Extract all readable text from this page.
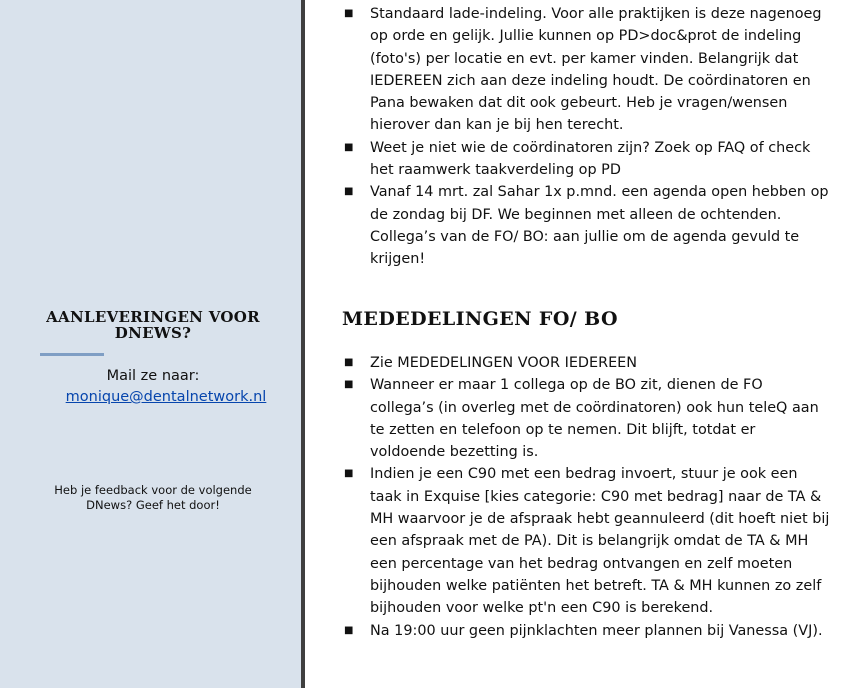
AANLEVERINGEN VOOR DNEWS?
Mail ze naar:
monique@dentalnetwork.nl
Heb je feedback voor de volgende DNews? Geef het door!
■ Standaard lade-indeling. Voor alle praktijken is deze nagenoeg op orde en gelijk. Jullie kunnen op PD>doc&prot de indeling (foto's) per locatie en evt. per kamer vinden. Belangrijk dat IEDEREEN zich aan deze indeling houdt. De coördinatoren en Pana bewaken dat dit ook gebeurt. Heb je vragen/wensen hierover dan kan je bij hen terecht.
■ Weet je niet wie de coördinatoren zijn? Zoek op FAQ of check het raamwerk taakverdeling op PD
■ Vanaf 14 mrt. zal Sahar 1x p.mnd. een agenda open hebben op de zondag bij DF. We beginnen met alleen de ochtenden. Collega’s van de FO/ BO: aan jullie om de agenda gevuld te krijgen!
MEDEDELINGEN FO/ BO
■ Zie MEDEDELINGEN VOOR IEDEREEN
■ Wanneer er maar 1 collega op de BO zit, dienen de FO collega’s (in overleg met de coördinatoren) ook hun teleQ aan te zetten en telefoon op te nemen. Dit blijft, totdat er voldoende bezetting is.
■ Indien je een C90 met een bedrag invoert, stuur je ook een taak in Exquise [kies categorie: C90 met bedrag] naar de TA & MH waarvoor je de afspraak hebt geannuleerd (dit hoeft niet bij een afspraak met de PA). Dit is belangrijk omdat de TA & MH een percentage van het bedrag ontvangen en zelf moeten bijhouden welke patiënten het betreft. TA & MH kunnen zo zelf bijhouden voor welke pt'n een C90 is berekend.
■ Na 19:00 uur geen pijnklachten meer plannen bij Vanessa (VJ).
